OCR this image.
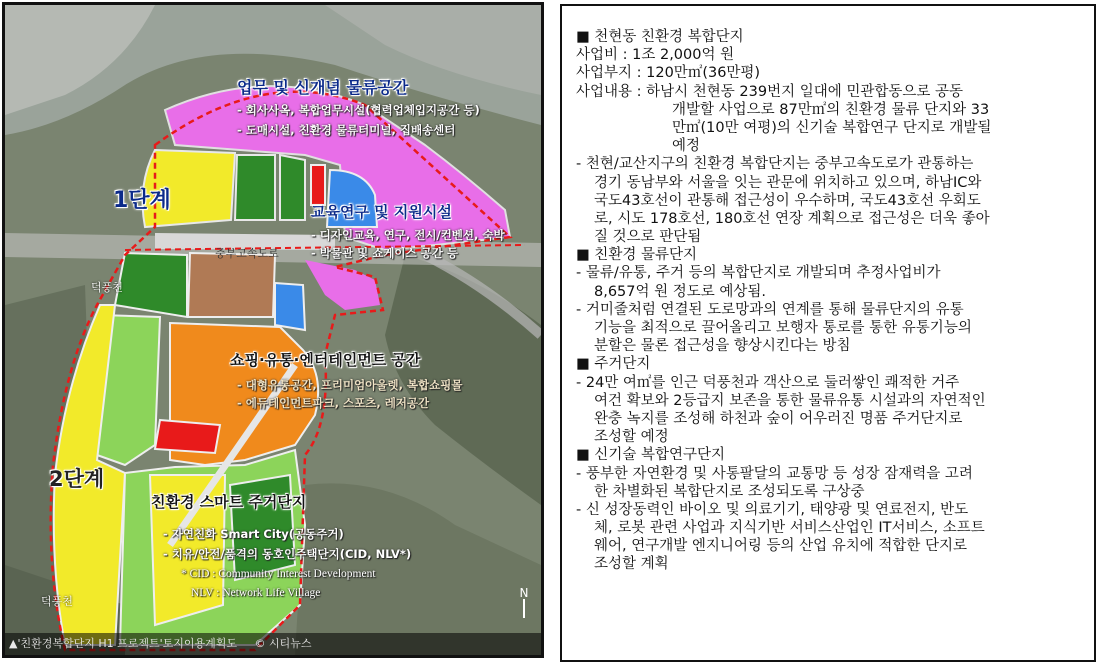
업무 및 신개념 물류공간
- 회사사옥, 복합업무시설(협력업체입지공간 등)
- 도매시설, 친환경 물류터미널, 집배송센터
1단계	교육연구 및 지원시설
- 디자인교육, 연구, 전시/컨벤션, 숙박
- 박물관 및 쇼케이스 공간 등
중부고속도로
덕풍천
쇼핑·유통·엔터테인먼트 공간
- 대형유통공간, 프리미엄아울렛, 복합쇼핑몰
- 에듀테인먼트파크, 스포츠, 레저공간
2단계
친환경 스마트 주거단지
- 자연친화 Smart City(공동주거)
- 치유/안전/품격의 동호인주택단지(CID, NLV*)
* CID : Community Interest Development
NLV : Network Life Village
덕풍천
N
▲'친환경복합단지 H1 프로젝트'토지이용계획도 © 시티뉴스
■ 천현동 친환경 복합단지
사업비 : 1조 2,000억 원
사업부지 : 120만㎡(36만평)
사업내용 : 하남시 천현동 239번지 일대에 민관합동으로 공동
개발할 사업으로 87만㎡의 친환경 물류 단지와 33
만㎡(10만 여평)의 신기술 복합연구 단지로 개발될
예정
- 천현/교산지구의 친환경 복합단지는 중부고속도로가 관통하는
경기 동남부와 서울을 잇는 관문에 위치하고 있으며, 하남IC와
국도43호선이 관통해 접근성이 우수하며, 국도43호선 우회도
로, 시도 178호선, 180호선 연장 계획으로 접근성은 더욱 좋아
질 것으로 판단됨
■ 친환경 물류단지
- 물류/유통, 주거 등의 복합단지로 개발되며 추정사업비가
8,657억 원 정도로 예상됨.
- 거미줄처럼 연결된 도로망과의 연계를 통해 물류단지의 유통
기능을 최적으로 끌어올리고 보행자 통로를 통한 유통기능의
분할은 물론 접근성을 향상시킨다는 방침
■ 주거단지
- 24만 여㎡를 인근 덕풍천과 객산으로 둘러쌓인 쾌적한 거주
여건 확보와 2등급지 보존을 통한 물류유통 시설과의 자연적인
완충 녹지를 조성해 하천과 숲이 어우러진 명품 주거단지로
조성할 예정
■ 신기술 복합연구단지
- 풍부한 자연환경 및 사통팔달의 교통망 등 성장 잠재력을 고려
한 차별화된 복합단지로 조성되도록 구상중
- 신 성장동력인 바이오 및 의료기기, 태양광 및 연료전지, 반도
체, 로봇 관련 사업과 지식기반 서비스산업인 IT서비스, 소프트
웨어, 연구개발 엔지니어링 등의 산업 유치에 적합한 단지로
조성할 계획
